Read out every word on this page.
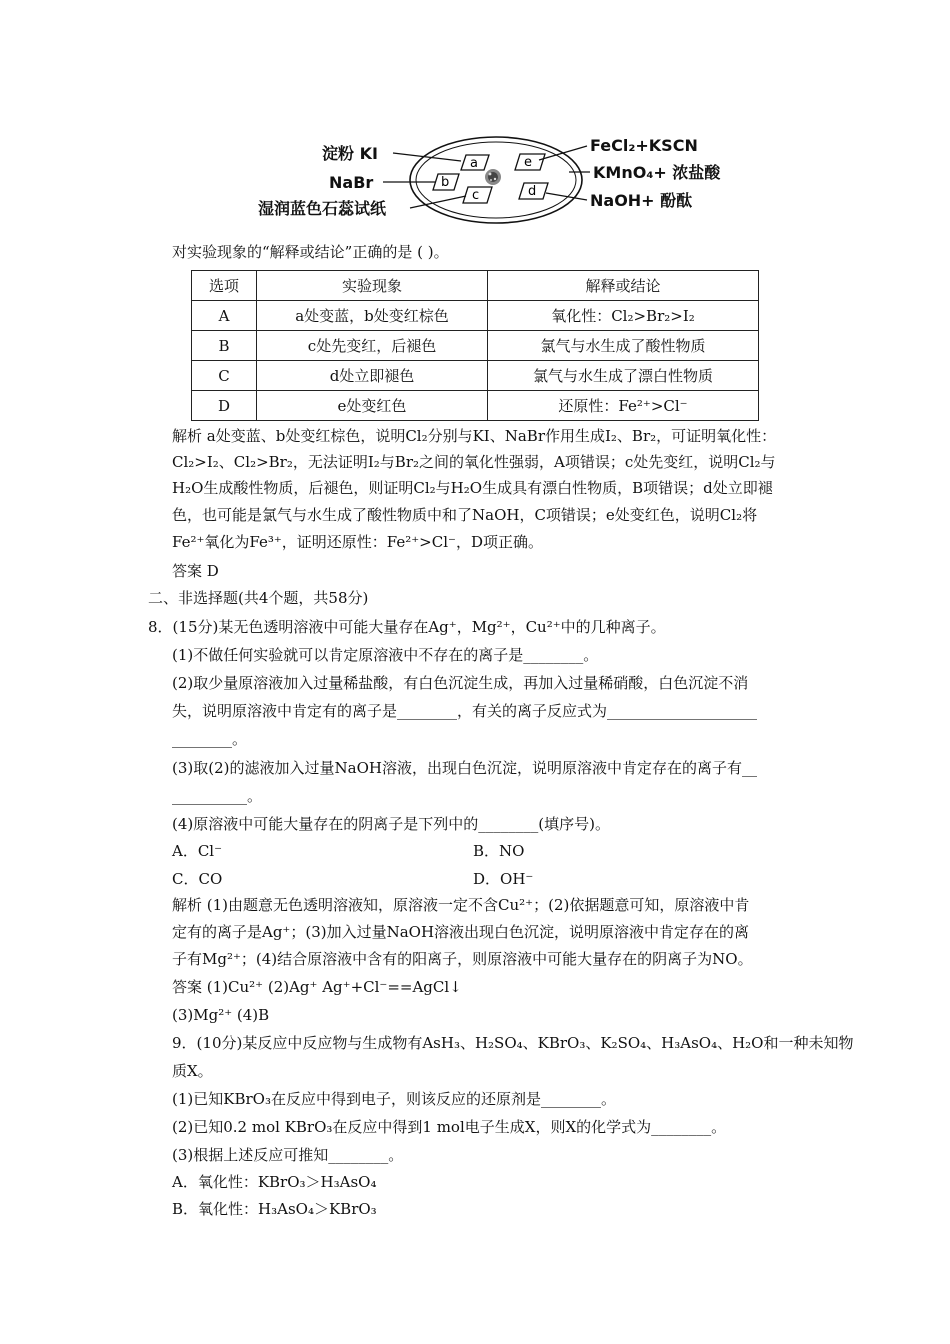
a
b
c	d
e
淀粉 KI
NaBr
湿润蓝色石蕊试纸
FeCl₂+KSCN
KMnO₄+ 浓盐酸
NaOH+ 酚酞
对实验现象的“解释或结论”正确的是 ( )。
选项	实验现象	解释或结论
A	a处变蓝，b处变红棕色	氧化性：Cl₂>Br₂>I₂
B	c处先变红，后褪色	氯气与水生成了酸性物质
C	d处立即褪色	氯气与水生成了漂白性物质
D	e处变红色	还原性：Fe²⁺>Cl⁻
解析 a处变蓝、b处变红棕色，说明Cl₂分别与KI、NaBr作用生成I₂、Br₂，可证明氧化性：
Cl₂>I₂、Cl₂>Br₂，无法证明I₂与Br₂之间的氧化性强弱，A项错误；c处先变红，说明Cl₂与
H₂O生成酸性物质，后褪色，则证明Cl₂与H₂O生成具有漂白性物质，B项错误；d处立即褪
色，也可能是氯气与水生成了酸性物质中和了NaOH，C项错误；e处变红色，说明Cl₂将
Fe²⁺氧化为Fe³⁺，证明还原性：Fe²⁺>Cl⁻，D项正确。
答案 D
二、非选择题(共4个题，共58分)
8．(15分)某无色透明溶液中可能大量存在Ag⁺，Mg²⁺，Cu²⁺中的几种离子。
(1)不做任何实验就可以肯定原溶液中不存在的离子是________。
(2)取少量原溶液加入过量稀盐酸，有白色沉淀生成，再加入过量稀硝酸，白色沉淀不消
失，说明原溶液中肯定有的离子是________，有关的离子反应式为____________________
________。
(3)取(2)的滤液加入过量NaOH溶液，出现白色沉淀，说明原溶液中肯定存在的离子有__
__________。
(4)原溶液中可能大量存在的阴离子是下列中的________(填序号)。
A．Cl⁻	B．NO
C．CO	D．OH⁻
解析 (1)由题意无色透明溶液知，原溶液一定不含Cu²⁺；(2)依据题意可知，原溶液中肯
定有的离子是Ag⁺；(3)加入过量NaOH溶液出现白色沉淀，说明原溶液中肯定存在的离
子有Mg²⁺；(4)结合原溶液中含有的阳离子，则原溶液中可能大量存在的阴离子为NO。
答案 (1)Cu²⁺ (2)Ag⁺ Ag⁺+Cl⁻==AgCl↓
(3)Mg²⁺ (4)B
9．(10分)某反应中反应物与生成物有AsH₃、H₂SO₄、KBrO₃、K₂SO₄、H₃AsO₄、H₂O和一种未知物
质X。
(1)已知KBrO₃在反应中得到电子，则该反应的还原剂是________。
(2)已知0.2 mol KBrO₃在反应中得到1 mol电子生成X，则X的化学式为________。
(3)根据上述反应可推知________。
A．氧化性：KBrO₃＞H₃AsO₄
B．氧化性：H₃AsO₄＞KBrO₃
